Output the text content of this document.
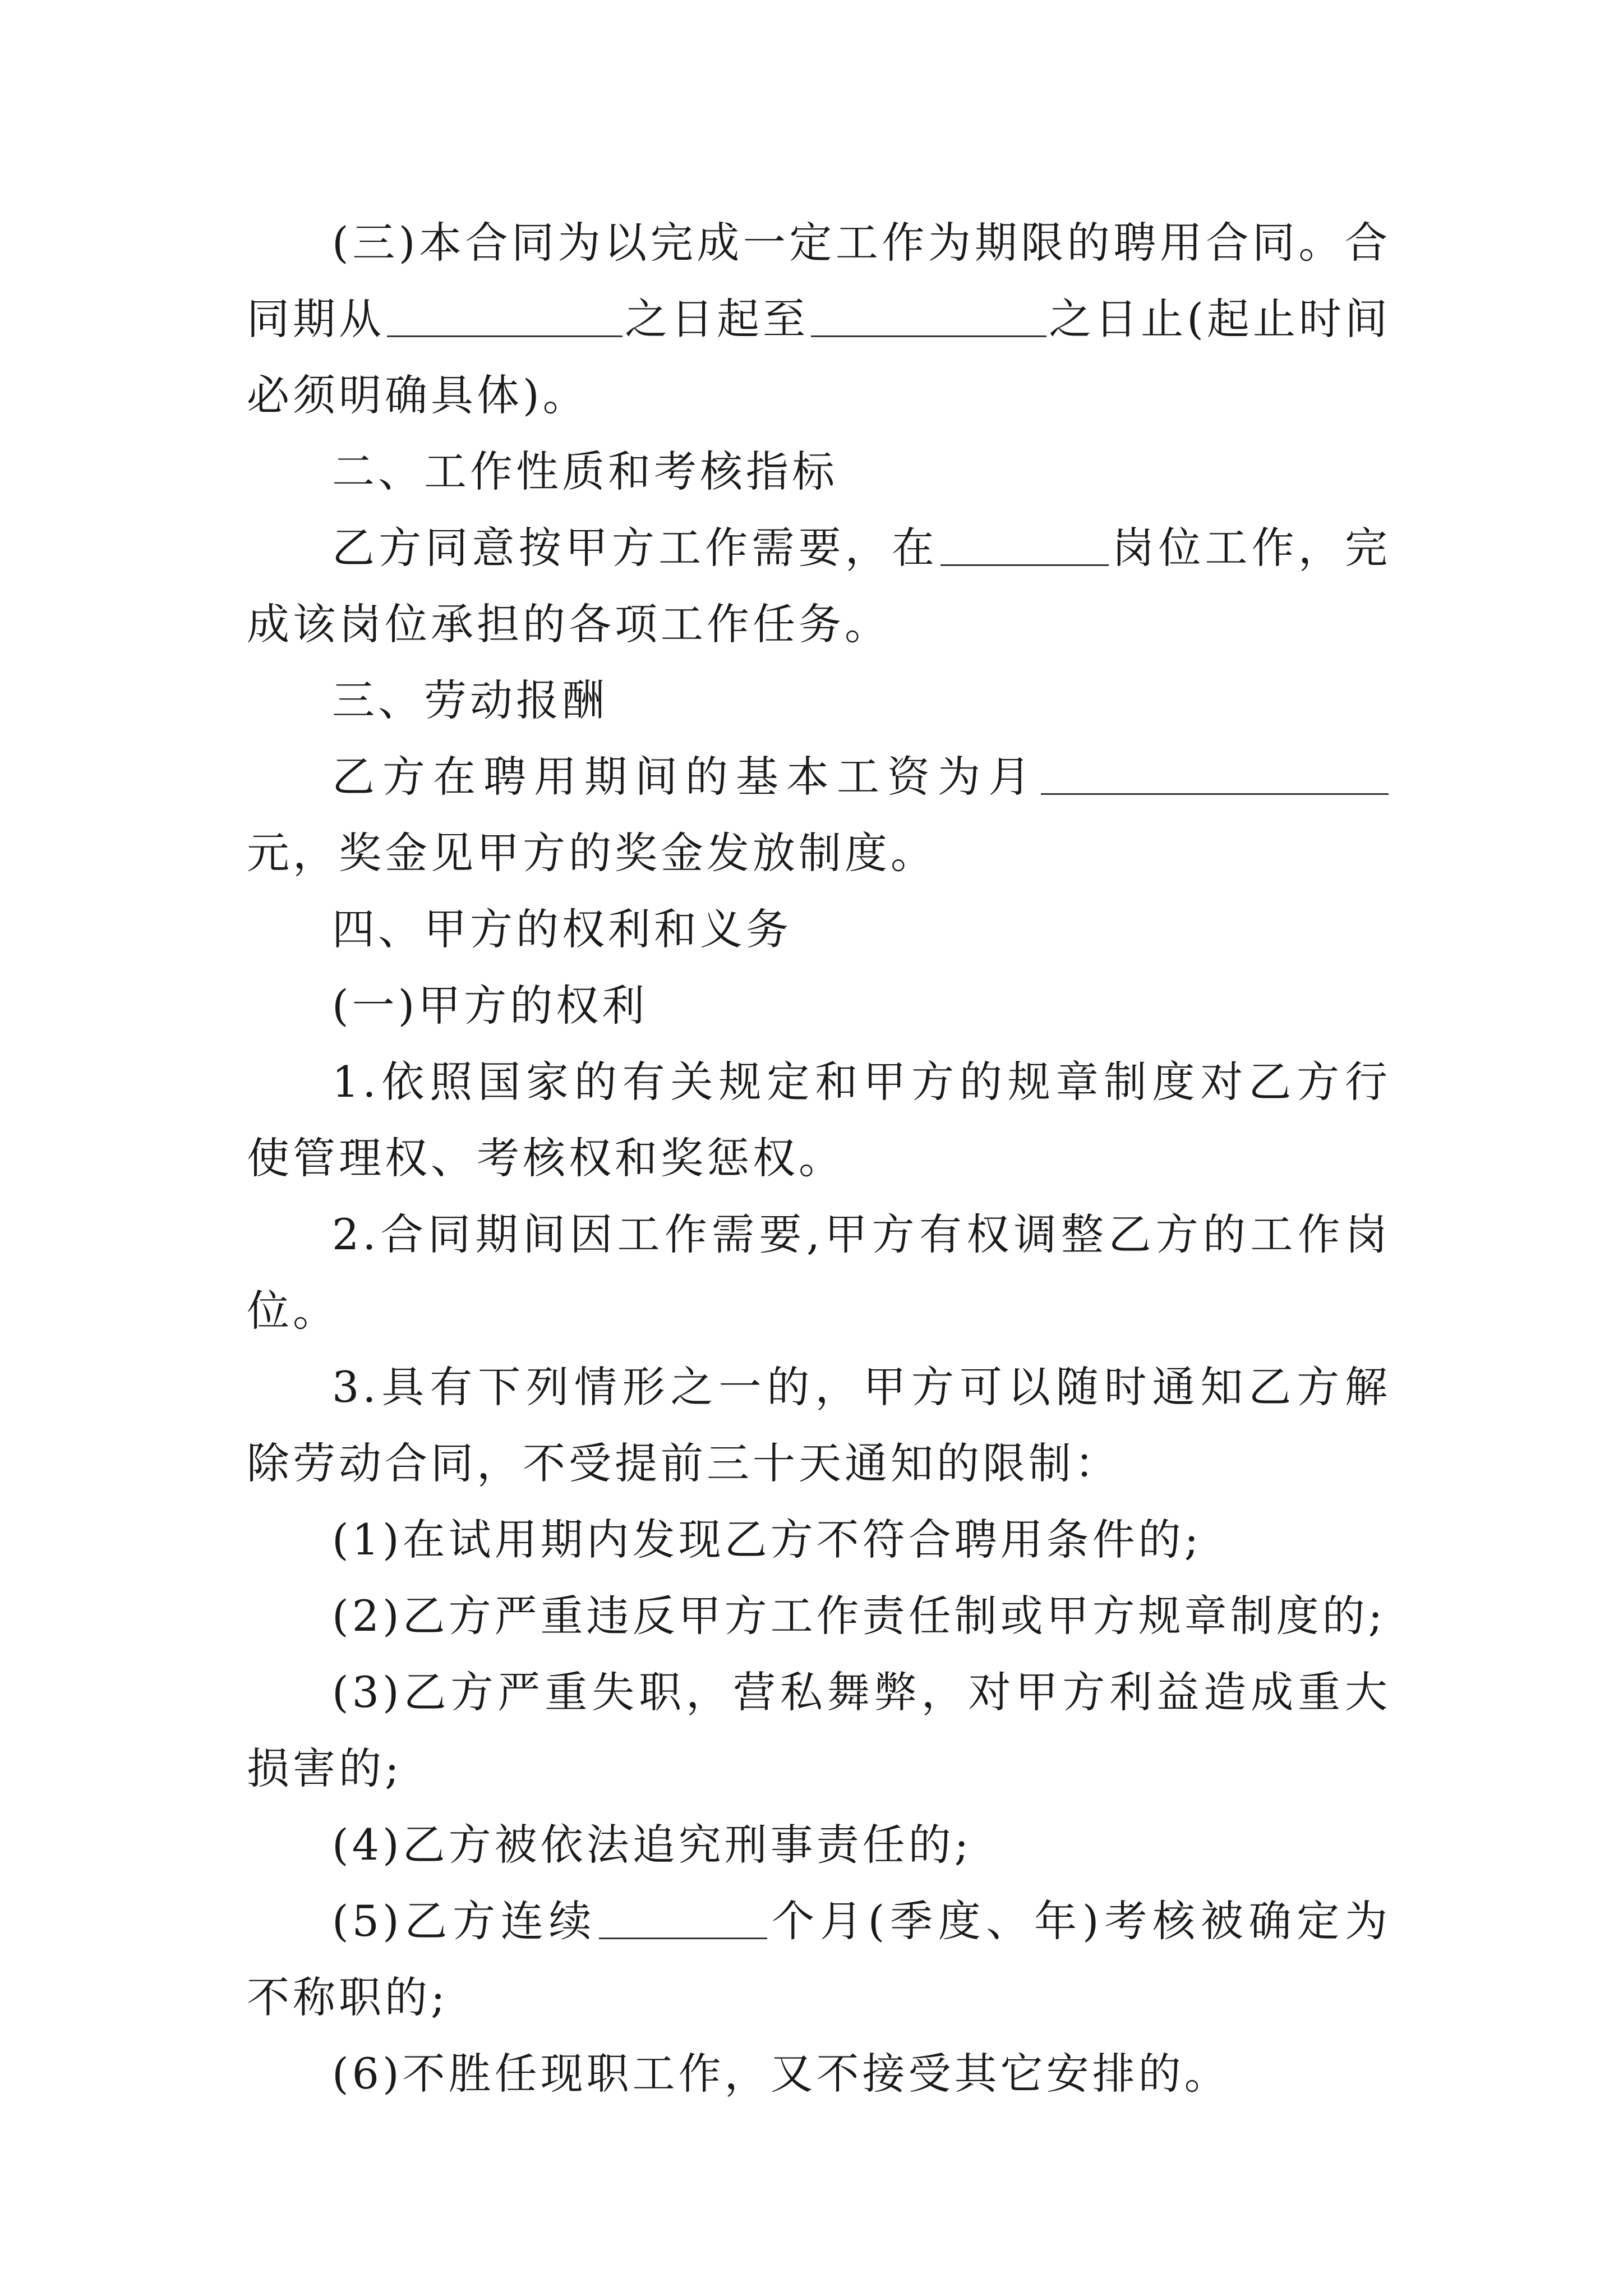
(三)本合同为以完成一定工作为期限的聘用合同。合同期从	之日起至	之日止(起止时间必须明确具体)。

二、工作性质和考核指标

乙方同意按甲方工作需要，在	岗位工作，完成该岗位承担的各项工作任务。

三、劳动报酬

乙方在聘用期间的基本工资为月元，奖金见甲方的奖金发放制度。

四、甲方的权利和义务

(一)甲方的权利

1.依照国家的有关规定和甲方的规章制度对乙方行使管理权、考核权和奖惩权。

2.合同期间因工作需要,甲方有权调整乙方的工作岗位。

3.具有下列情形之一的，甲方可以随时通知乙方解除劳动合同，不受提前三十天通知的限制：

(1)在试用期内发现乙方不符合聘用条件的;

(2)乙方严重违反甲方工作责任制或甲方规章制度的;

(3)乙方严重失职，营私舞弊，对甲方利益造成重大损害的;

(4)乙方被依法追究刑事责任的;

(5)乙方连续	个月(季度、年)考核被确定为不称职的;

(6)不胜任现职工作，又不接受其它安排的。
